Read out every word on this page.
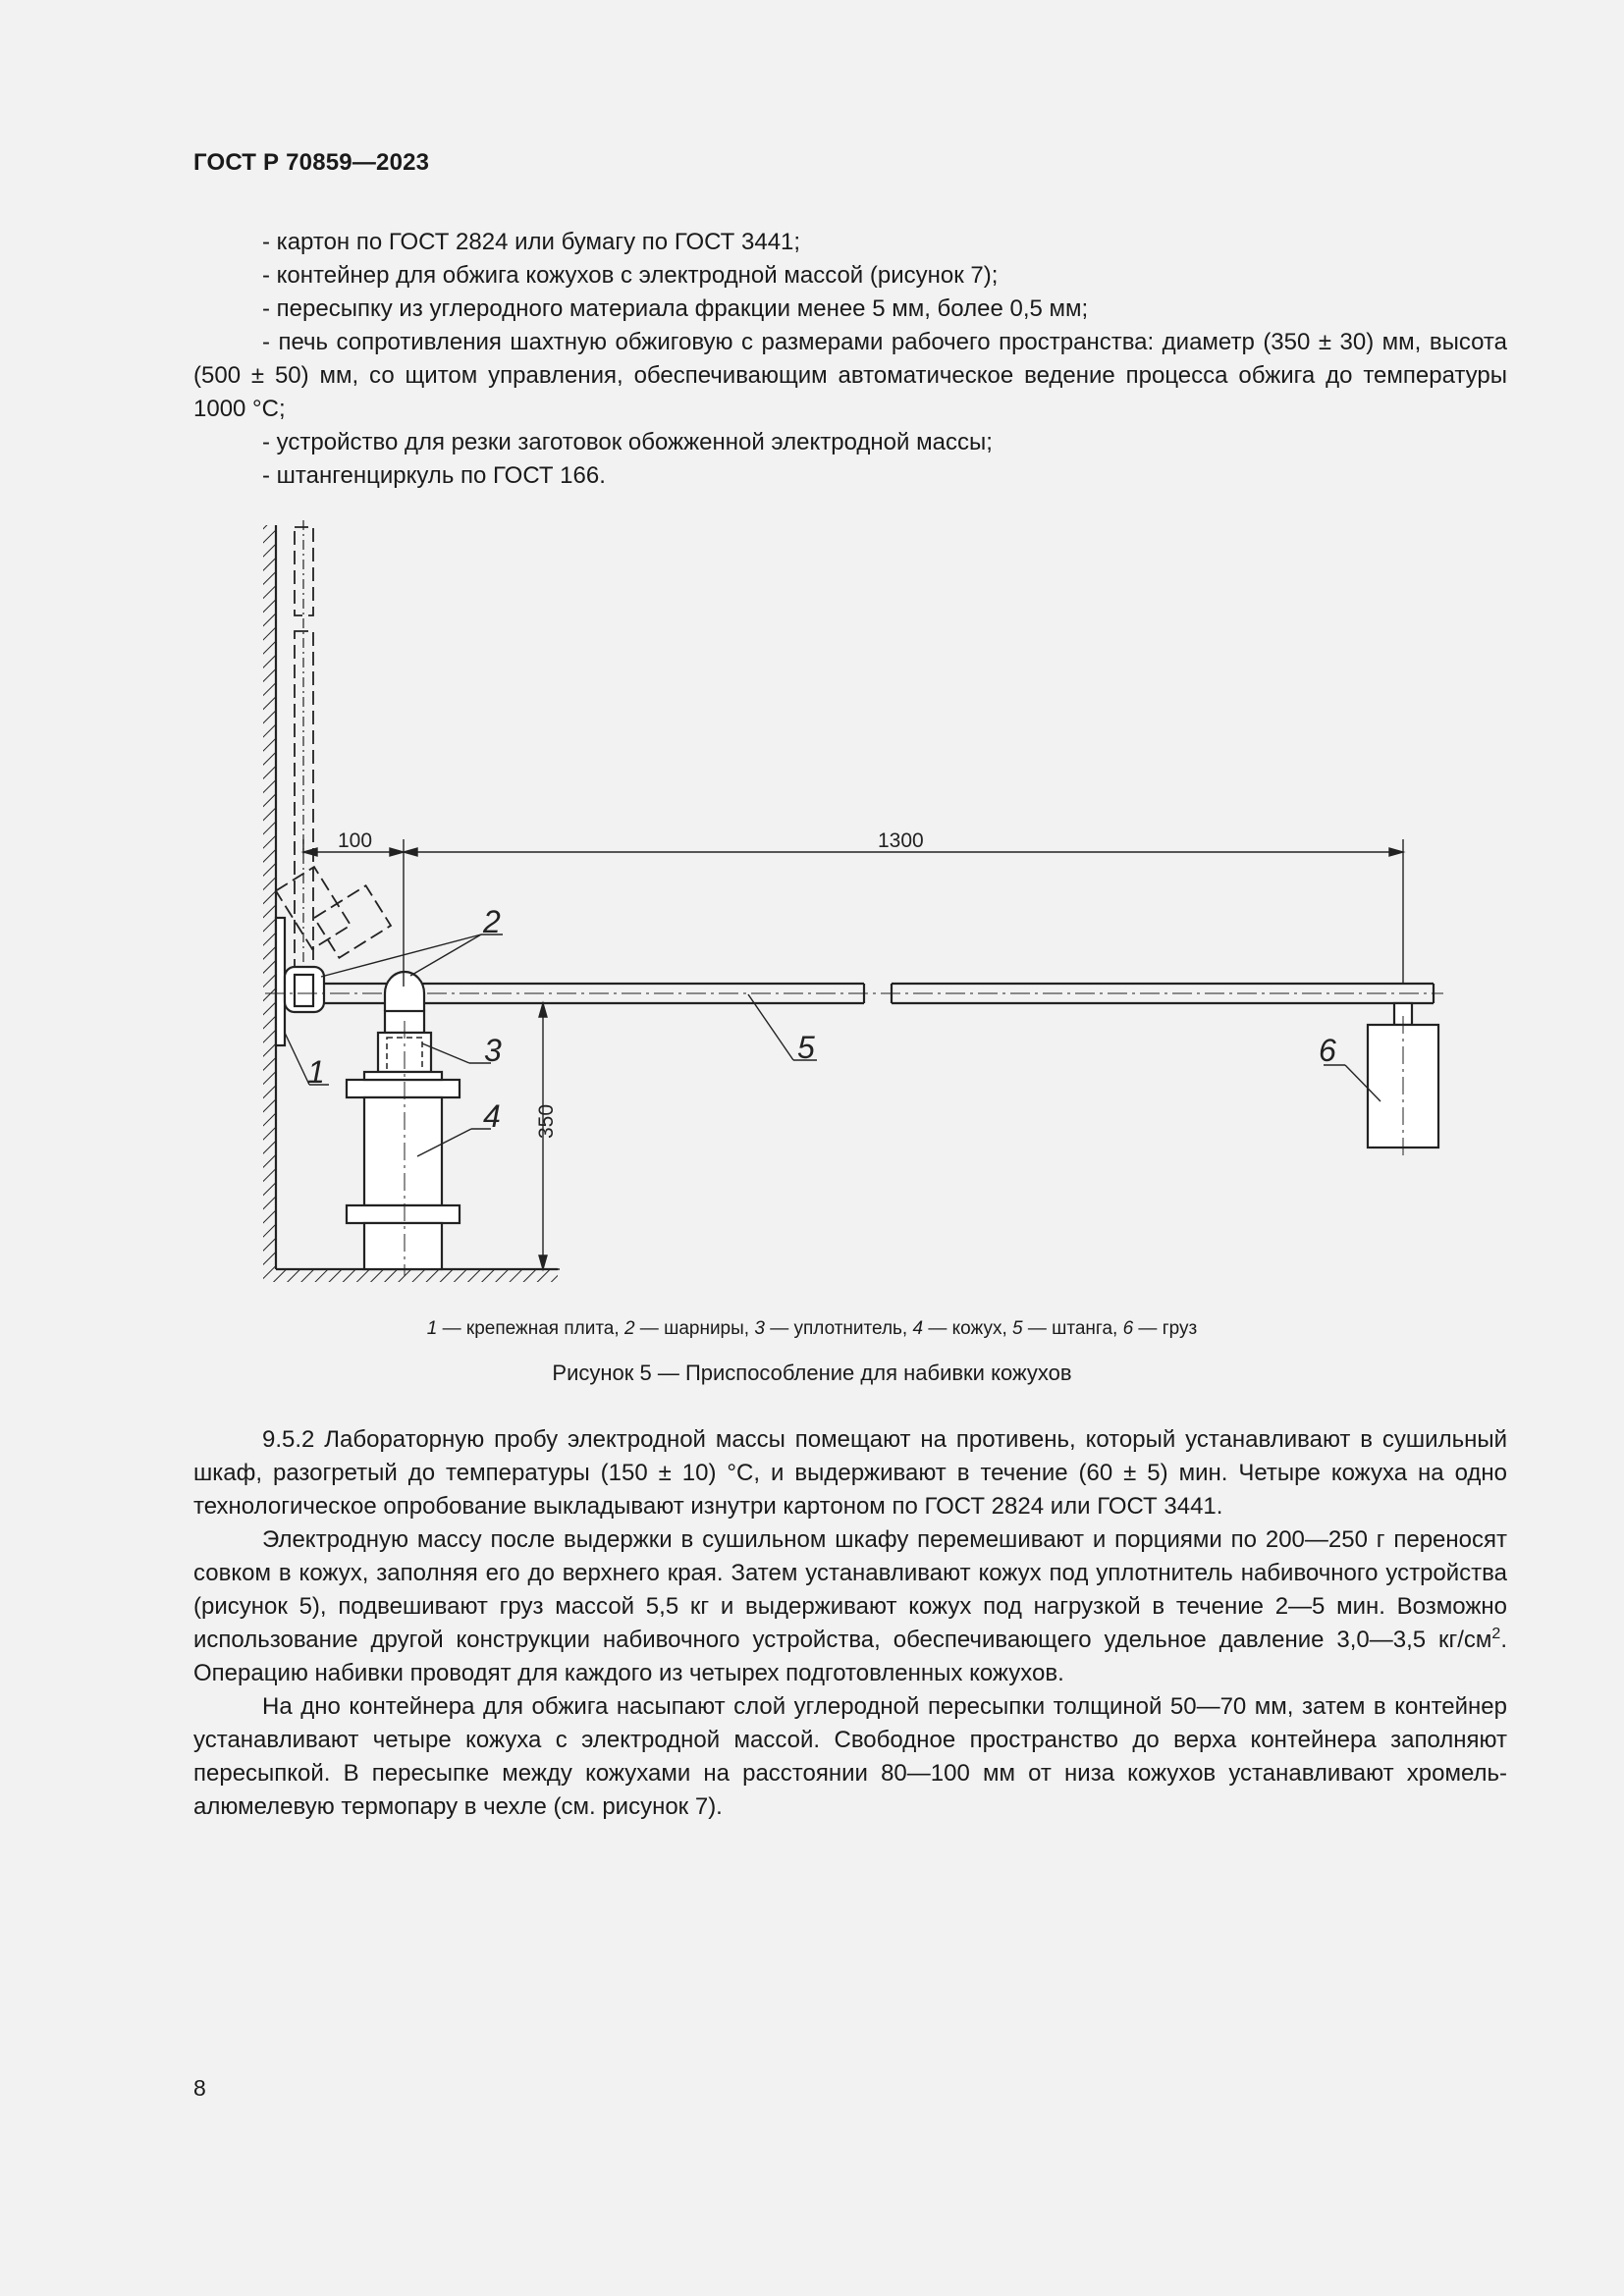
ГОСТ Р 70859—2023

- картон по ГОСТ 2824 или бумагу по ГОСТ 3441;

- контейнер для обжига кожухов с электродной массой (рисунок 7);

- пересыпку из углеродного материала фракции менее 5 мм, более 0,5 мм;

- печь сопротивления шахтную обжиговую с размерами рабочего пространства: диаметр (350 ± 30) мм, высота (500 ± 50) мм, со щитом управления, обеспечивающим автоматическое ведение процесса обжига до температуры 1000 °С;

- устройство для резки заготовок обожженной электродной массы;

- штангенциркуль по ГОСТ 166.

100	1300
350
1
2
3
4
5	6
1 — крепежная плита, 2 — шарниры, 3 — уплотнитель, 4 — кожух, 5 — штанга, 6 — груз
Рисунок 5 — Приспособление для набивки кожухов

9.5.2 Лабораторную пробу электродной массы помещают на противень, который устанавливают в сушильный шкаф, разогретый до температуры (150 ± 10) °С, и выдерживают в течение (60 ± 5) мин. Четыре кожуха на одно технологическое опробование выкладывают изнутри картоном по ГОСТ 2824 или ГОСТ 3441.

Электродную массу после выдержки в сушильном шкафу перемешивают и порциями по 200—250 г переносят совком в кожух, заполняя его до верхнего края. Затем устанавливают кожух под уплотнитель набивочного устройства (рисунок 5), подвешивают груз массой 5,5 кг и выдерживают кожух под нагрузкой в течение 2—5 мин. Возможно использование другой конструкции набивочного устройства, обеспечивающего удельное давление 3,0—3,5 $кг/см^2$. Операцию набивки проводят для каждого из четырех подготовленных кожухов.

На дно контейнера для обжига насыпают слой углеродной пересыпки толщиной 50—70 мм, затем в контейнер устанавливают четыре кожуха с электродной массой. Свободное пространство до верха контейнера заполняют пересыпкой. В пересыпке между кожухами на расстоянии 80—100 мм от низа кожухов устанавливают хромель-алюмелевую термопару в чехле (см. рисунок 7).

8
